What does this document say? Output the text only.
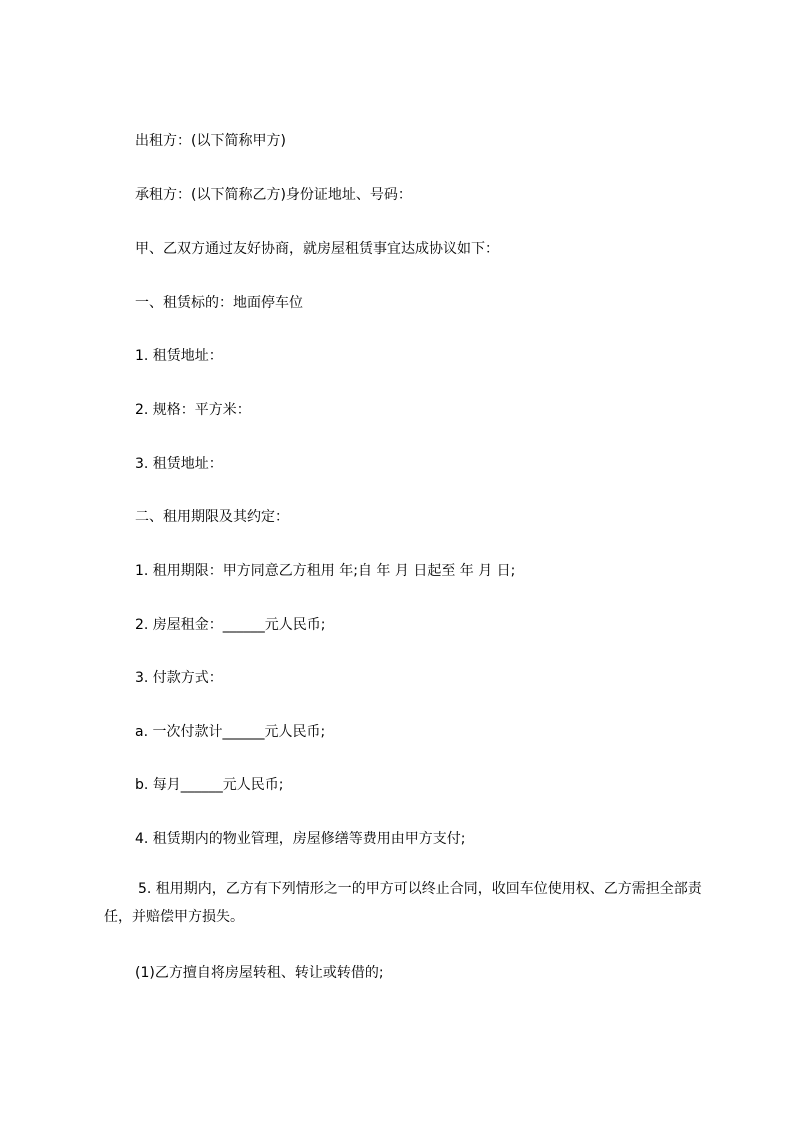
出租方：(以下简称甲方)
承租方：(以下简称乙方)身份证地址、号码：
甲、乙双方通过友好协商，就房屋租赁事宜达成协议如下：
一、租赁标的：地面停车位
1. 租赁地址：
2. 规格：平方米：
3. 租赁地址：
二、租用期限及其约定：
1. 租用期限：甲方同意乙方租用 年;自 年 月 日起至 年 月 日;
2. 房屋租金：______元人民币;
3. 付款方式：
a. 一次付款计______元人民币;
b. 每月______元人民币;
4. 租赁期内的物业管理，房屋修缮等费用由甲方支付;
5. 租用期内，乙方有下列情形之一的甲方可以终止合同，收回车位使用权、乙方需担全部责任，并赔偿甲方损失。
(1)乙方擅自将房屋转租、转让或转借的;
